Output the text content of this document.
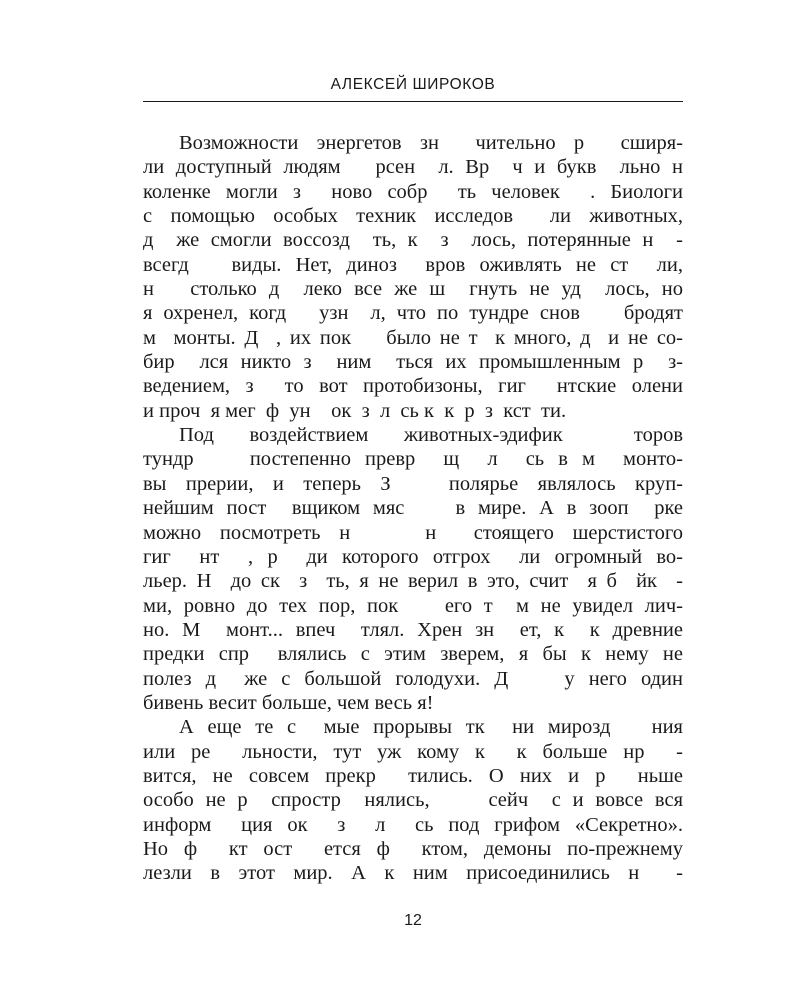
АЛЕКСЕЙ ШИРОКОВ
Возможности энергетов зн  чительно р  сширя-
ли доступный людям   рсен  л. Вр  ч и букв  льно н
коленке могли з  ново собр  ть человек  . Биологи
с помощью особых техник исследов  ли животных,
д  же смогли воссозд  ть, к  з  лось, потерянные н  -
всегд   виды. Нет, диноз  вров оживлять не ст  ли,
н   столько д  леко все же ш  гнуть не уд  лось, но
я охренел, когд   узн  л, что по тундре снов    бродят
м  монты. Д  , их пок    было не т  к много, д  и не со-
бир  лся никто з  ним  ться их промышленным р  з-
ведением, з  то вот протобизоны, гиг  нтские олени
и проч  я мег  ф  ун    ок  з  л  сь к  к  р  з  кст  ти.
Под воздействием животных-эдифик  торов
тундр    постепенно превр  щ  л  сь в м  монто-
вы прерии, и теперь З   полярье являлось круп-
нейшим пост  вщиком мяс    в мире. А в зооп  рке
можно посмотреть н    н  стоящего шерстистого
гиг  нт  , р  ди которого отгрох  ли огромный во-
льер. Н  до ск  з  ть, я не верил в это, счит  я б  йк  -
ми, ровно до тех пор, пок    его т  м не увидел лич-
но. М  монт... впеч  тлял. Хрен зн  ет, к  к древние
предки спр  влялись с этим зверем, я бы к нему не
полез д  же с большой голодухи. Д    у него один
бивень весит больше, чем весь я!
А еще те с  мые прорывы тк  ни мирозд   ния
или ре  льности, тут уж кому к  к больше нр  -
вится, не совсем прекр  тились. О них и р  ньше
особо не р  спростр  нялись,     сейч  с и вовсе вся
информ  ция ок  з  л  сь под грифом «Секретно».
Но ф  кт ост  ется ф  ктом, демоны по-прежнему
лезли в этот мир. А к ним присоединились н  -
12
